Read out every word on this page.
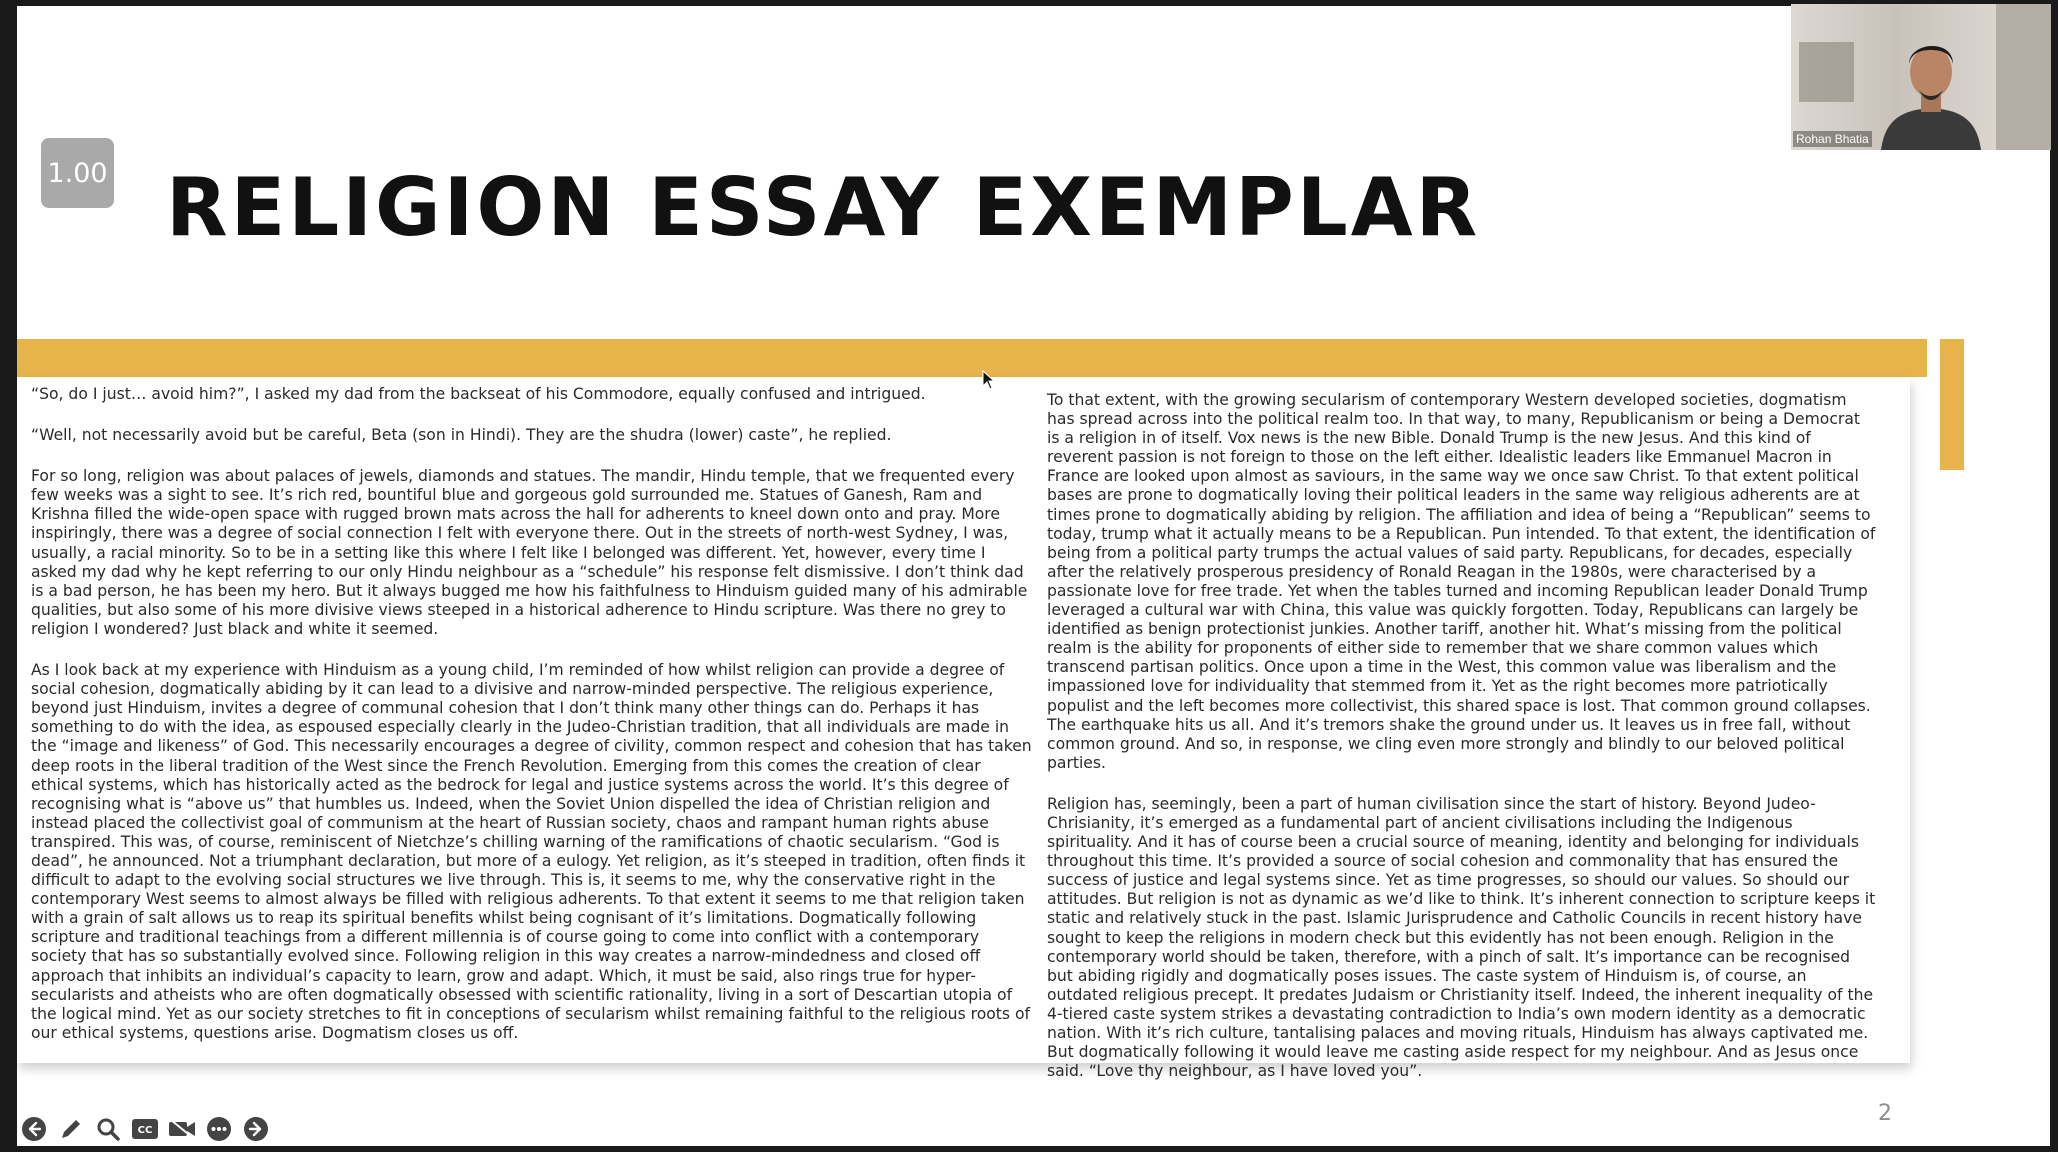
1.00 RELIGION ESSAY EXEMPLAR

“So, do I just… avoid him?”, I asked my dad from the backseat of his Commodore, equally confused and intrigued.

“Well, not necessarily avoid but be careful, Beta (son in Hindi). They are the shudra (lower) caste”, he replied.

For so long, religion was about palaces of jewels, diamonds and statues. The mandir, Hindu temple, that we frequented every few weeks was a sight to see. It’s rich red, bountiful blue and gorgeous gold surrounded me. Statues of Ganesh, Ram and Krishna filled the wide-open space with rugged brown mats across the hall for adherents to kneel down onto and pray. More inspiringly, there was a degree of social connection I felt with everyone there. Out in the streets of north-west Sydney, I was, usually, a racial minority. So to be in a setting like this where I felt like I belonged was different. Yet, however, every time I asked my dad why he kept referring to our only Hindu neighbour as a “schedule” his response felt dismissive. I don’t think dad is a bad person, he has been my hero. But it always bugged me how his faithfulness to Hinduism guided many of his admirable qualities, but also some of his more divisive views steeped in a historical adherence to Hindu scripture. Was there no grey to religion I wondered? Just black and white it seemed.

As I look back at my experience with Hinduism as a young child, I’m reminded of how whilst religion can provide a degree of social cohesion, dogmatically abiding by it can lead to a divisive and narrow-minded perspective. The religious experience, beyond just Hinduism, invites a degree of communal cohesion that I don’t think many other things can do. Perhaps it has something to do with the idea, as espoused especially clearly in the Judeo-Christian tradition, that all individuals are made in the “image and likeness” of God. This necessarily encourages a degree of civility, common respect and cohesion that has taken deep roots in the liberal tradition of the West since the French Revolution. Emerging from this comes the creation of clear ethical systems, which has historically acted as the bedrock for legal and justice systems across the world. It’s this degree of recognising what is “above us” that humbles us. Indeed, when the Soviet Union dispelled the idea of Christian religion and instead placed the collectivist goal of communism at the heart of Russian society, chaos and rampant human rights abuse transpired. This was, of course, reminiscent of Nietchze’s chilling warning of the ramifications of chaotic secularism. “God is dead”, he announced. Not a triumphant declaration, but more of a eulogy. Yet religion, as it’s steeped in tradition, often finds it difficult to adapt to the evolving social structures we live through. This is, it seems to me, why the conservative right in the contemporary West seems to almost always be filled with religious adherents. To that extent it seems to me that religion taken with a grain of salt allows us to reap its spiritual benefits whilst being cognisant of it’s limitations. Dogmatically following scripture and traditional teachings from a different millennia is of course going to come into conflict with a contemporary society that has so substantially evolved since. Following religion in this way creates a narrow-mindedness and closed off approach that inhibits an individual’s capacity to learn, grow and adapt. Which, it must be said, also rings true for hyper-secularists and atheists who are often dogmatically obsessed with scientific rationality, living in a sort of Descartian utopia of the logical mind. Yet as our society stretches to fit in conceptions of secularism whilst remaining faithful to the religious roots of our ethical systems, questions arise. Dogmatism closes us off.

To that extent, with the growing secularism of contemporary Western developed societies, dogmatism has spread across into the political realm too. In that way, to many, Republicanism or being a Democrat is a religion in of itself. Vox news is the new Bible. Donald Trump is the new Jesus. And this kind of reverent passion is not foreign to those on the left either. Idealistic leaders like Emmanuel Macron in France are looked upon almost as saviours, in the same way we once saw Christ. To that extent political bases are prone to dogmatically loving their political leaders in the same way religious adherents are at times prone to dogmatically abiding by religion. The affiliation and idea of being a “Republican” seems to today, trump what it actually means to be a Republican. Pun intended. To that extent, the identification of being from a political party trumps the actual values of said party. Republicans, for decades, especially after the relatively prosperous presidency of Ronald Reagan in the 1980s, were characterised by a passionate love for free trade. Yet when the tables turned and incoming Republican leader Donald Trump leveraged a cultural war with China, this value was quickly forgotten. Today, Republicans can largely be identified as benign protectionist junkies. Another tariff, another hit. What’s missing from the political realm is the ability for proponents of either side to remember that we share common values which transcend partisan politics. Once upon a time in the West, this common value was liberalism and the impassioned love for individuality that stemmed from it. Yet as the right becomes more patriotically populist and the left becomes more collectivist, this shared space is lost. That common ground collapses. The earthquake hits us all. And it’s tremors shake the ground under us. It leaves us in free fall, without common ground. And so, in response, we cling even more strongly and blindly to our beloved political parties.

Religion has, seemingly, been a part of human civilisation since the start of history. Beyond Judeo-Chrisianity, it’s emerged as a fundamental part of ancient civilisations including the Indigenous spirituality. And it has of course been a crucial source of meaning, identity and belonging for individuals throughout this time. It’s provided a source of social cohesion and commonality that has ensured the success of justice and legal systems since. Yet as time progresses, so should our values. So should our attitudes. But religion is not as dynamic as we’d like to think. It’s inherent connection to scripture keeps it static and relatively stuck in the past. Islamic Jurisprudence and Catholic Councils in recent history have sought to keep the religions in modern check but this evidently has not been enough. Religion in the contemporary world should be taken, therefore, with a pinch of salt. It’s importance can be recognised but abiding rigidly and dogmatically poses issues. The caste system of Hinduism is, of course, an outdated religious precept. It predates Judaism or Christianity itself. Indeed, the inherent inequality of the 4-tiered caste system strikes a devastating contradiction to India’s own modern identity as a democratic nation. With it’s rich culture, tantalising palaces and moving rituals, Hinduism has always captivated me. But dogmatically following it would leave me casting aside respect for my neighbour. And as Jesus once said. “Love thy neighbour, as I have loved you”.

2
CC
Rohan Bhatia
